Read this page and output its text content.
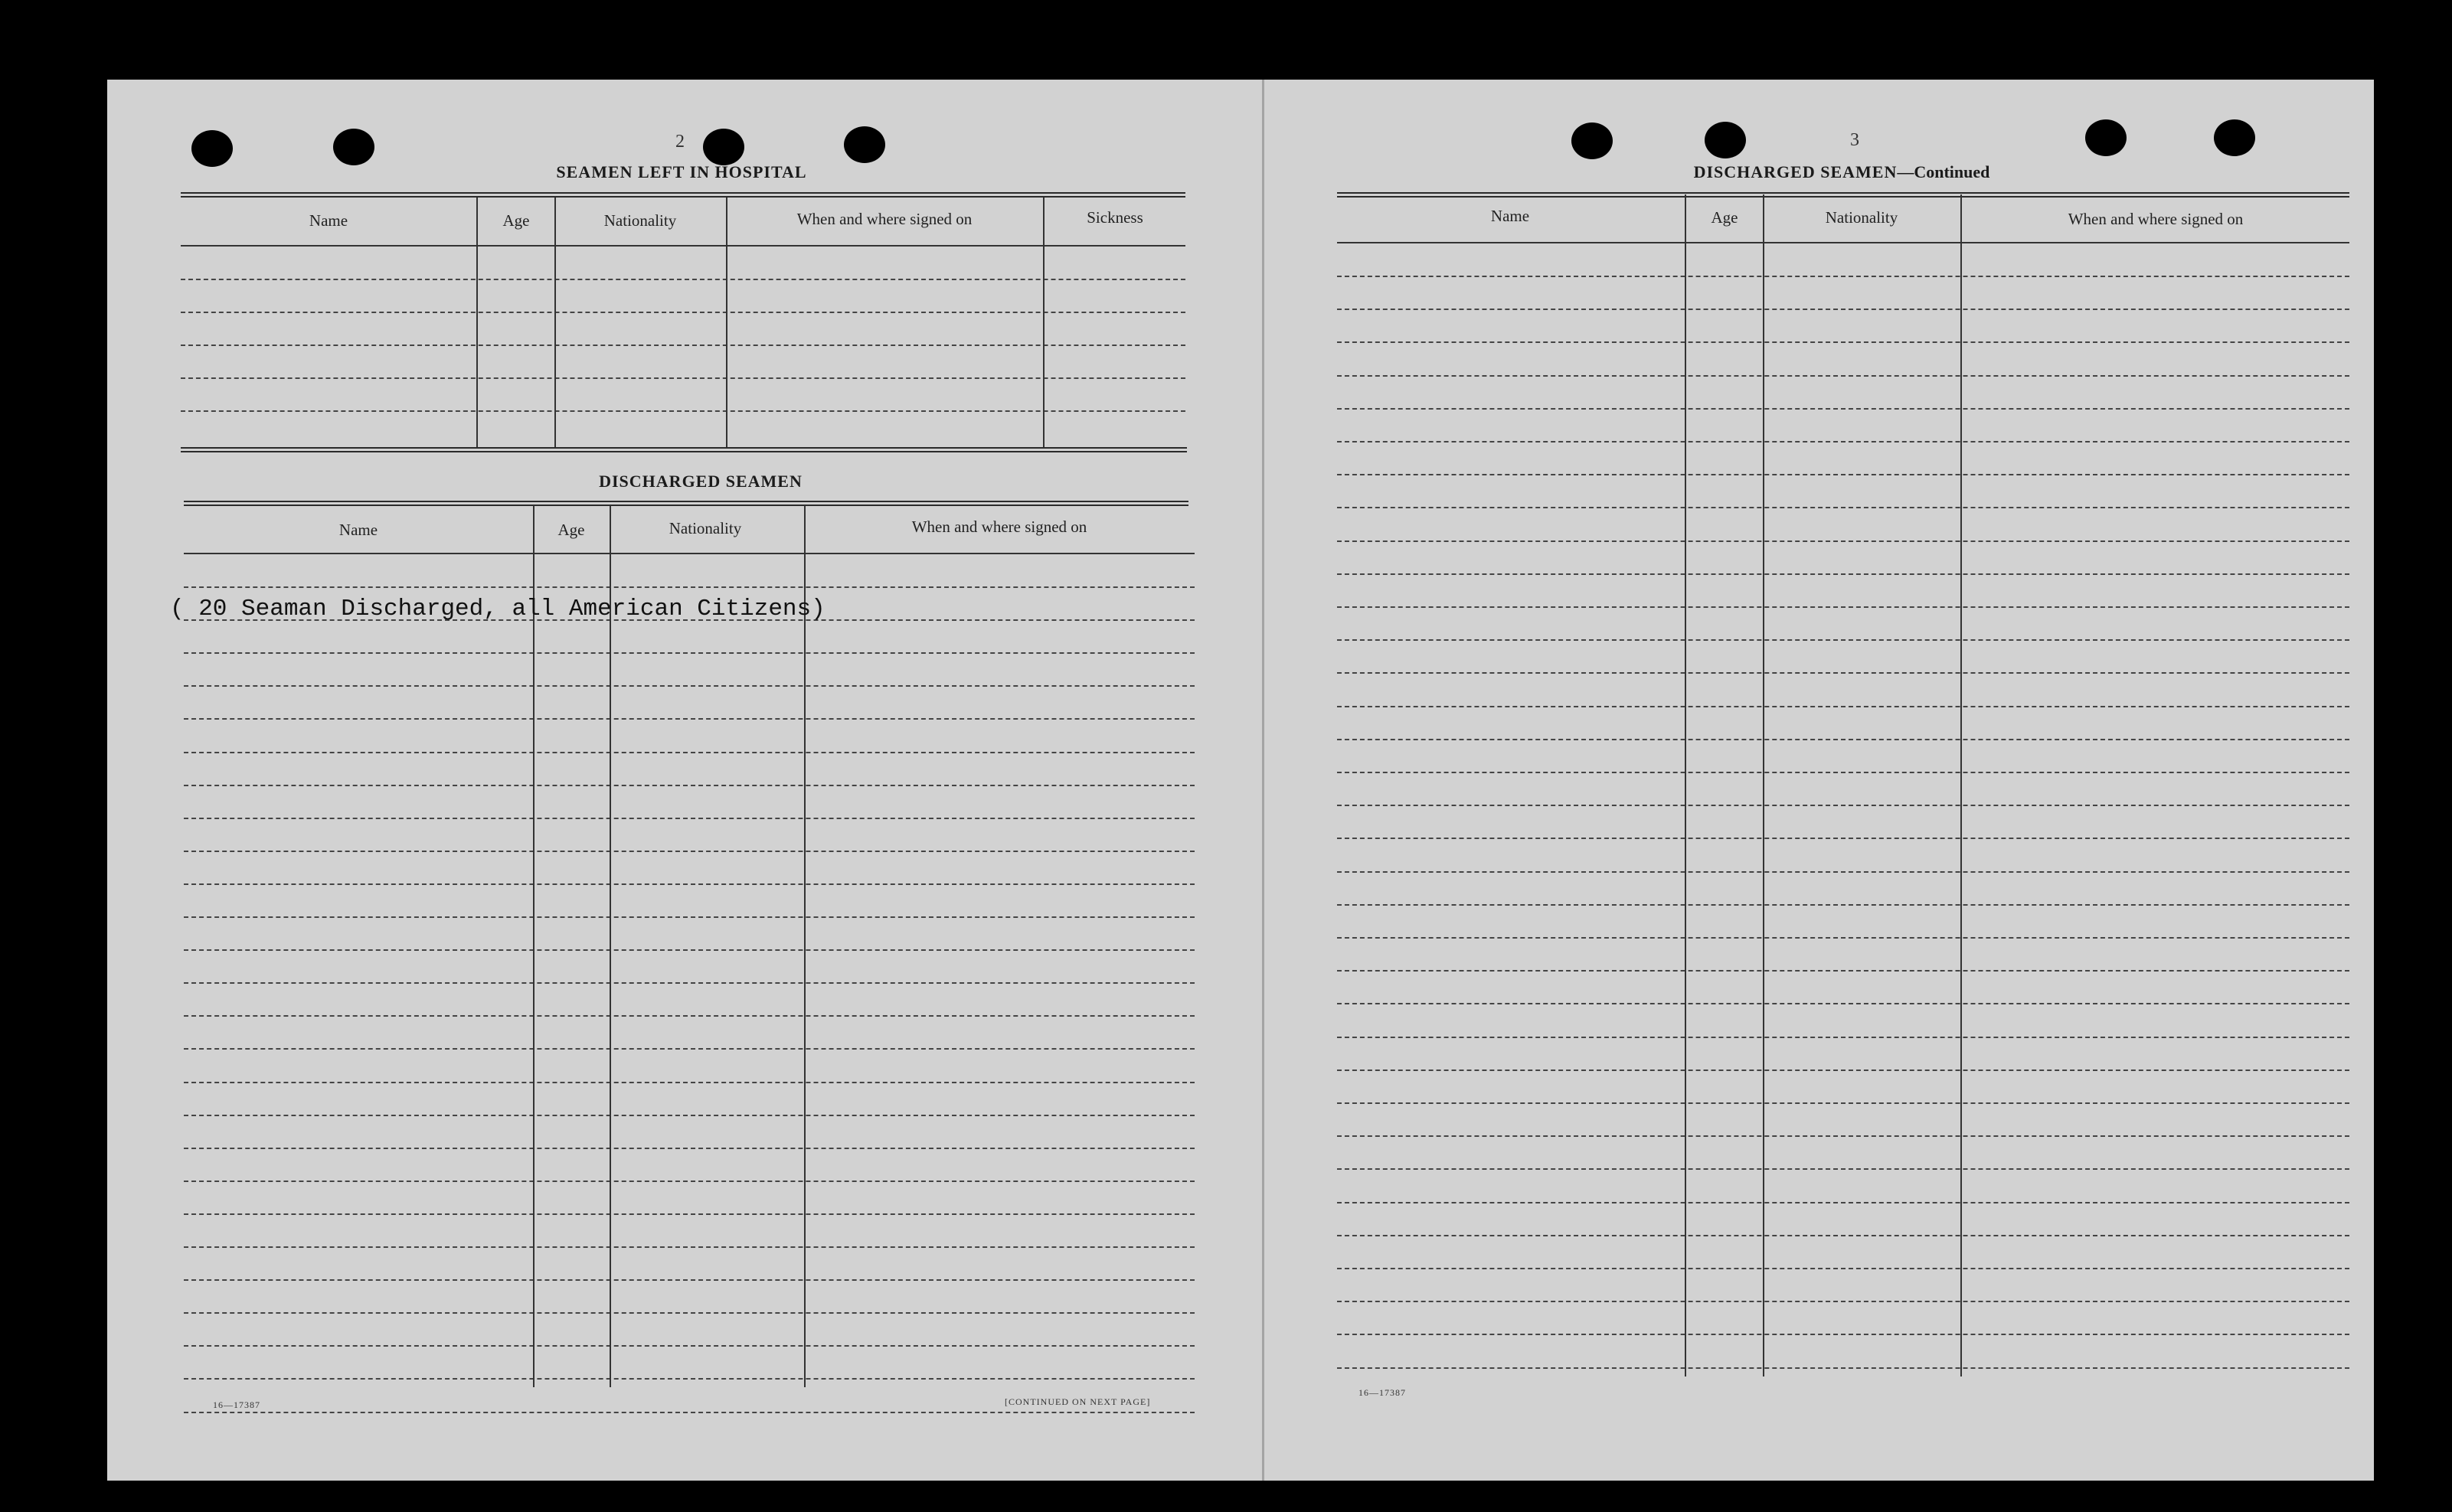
2
SEAMEN LEFT IN HOSPITAL
Name	Age	Nationality	When and where signed on	Sickness
DISCHARGED SEAMEN
Name	Age	Nationality	When and where signed on
( 20 Seaman Discharged, all American Citizens)
16—17387	[CONTINUED ON NEXT PAGE]
3
DISCHARGED SEAMEN—Continued
Name	Age	Nationality	When and where signed on
16—17387
